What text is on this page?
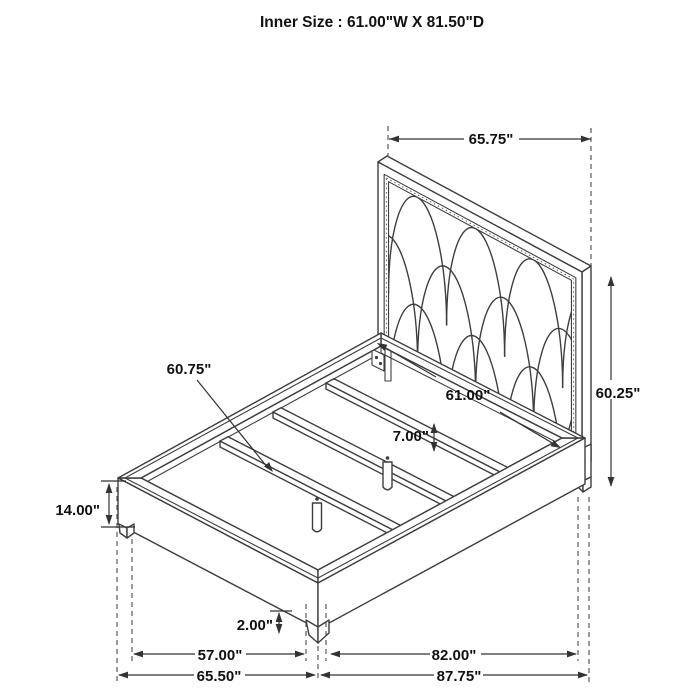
Inner Size : 61.00"W X 81.50"D
65.75"
60.25"
61.00"
60.75"
7.00"
14.00"
2.00"
57.00"	82.00"
65.50"	87.75"
